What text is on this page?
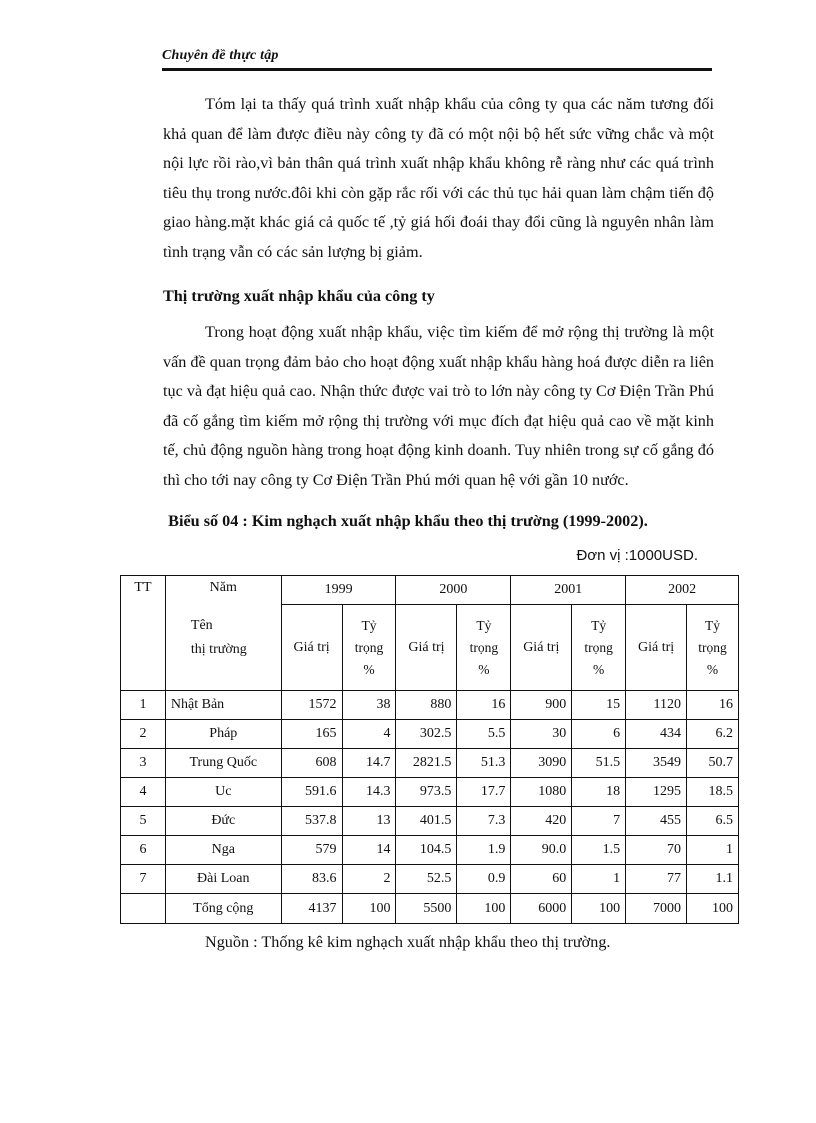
Chuyên đề thực tập

Tóm lại ta thấy quá trình xuất nhập khẩu của công ty qua các năm tương đối khả quan để làm được điều này công ty đã có một nội bộ hết sức vững chắc và một nội lực rồi rào,vì bản thân quá trình xuất nhập khẩu không rễ ràng như các quá trình tiêu thụ trong nước.đôi khi còn gặp rắc rối với các thủ tục hải quan làm chậm tiến độ giao hàng.mặt khác giá cả quốc tế ,tỷ giá hối đoái thay đổi cũng là nguyên nhân làm tình trạng vẫn có các sản lượng bị giảm.

Thị trường xuất nhập khẩu của công ty

Trong hoạt động xuất nhập khẩu, việc tìm kiếm để mở rộng thị trường là một vấn đề quan trọng đảm bảo cho hoạt động xuất nhập khẩu hàng hoá được diễn ra liên tục và đạt hiệu quả cao. Nhận thức được vai trò to lớn này công ty Cơ Điện Trần Phú đã cố gắng tìm kiếm mở rộng thị trường với mục đích đạt hiệu quả cao về mặt kinh tế, chủ động nguồn hàng trong hoạt động kinh doanh. Tuy nhiên trong sự cố gắng đó thì cho tới nay công ty Cơ Điện Trần Phú mới quan hệ với gần 10 nước.

Biểu số 04 : Kim nghạch xuất nhập khẩu theo thị trường (1999-2002).
Đơn vị :1000USD.
TT	Năm
Tên
thị trường	1999		2000		2001		2002	
		Giá trị	Tỷ
trọng
%	Giá trị	Tỷ
trọng
%	Giá trị	Tỷ
trọng
%	Giá trị	Tỷ
trọng
%
1	Nhật Bản	1572	38	880	16	900	15	1120	16
2	Pháp	165	4	302.5	5.5	30	6	434	6.2
3	Trung Quốc	608	14.7	2821.5	51.3	3090	51.5	3549	50.7
4	Uc	591.6	14.3	973.5	17.7	1080	18	1295	18.5
5	Đức	537.8	13	401.5	7.3	420	7	455	6.5
6	Nga	579	14	104.5	1.9	90.0	1.5	70	1
7	Đài Loan	83.6	2	52.5	0.9	60	1	77	1.1
	Tổng cộng	4137	100	5500	100	6000	100	7000	100
Nguồn : Thống kê kim nghạch xuất nhập khẩu theo thị trường.
